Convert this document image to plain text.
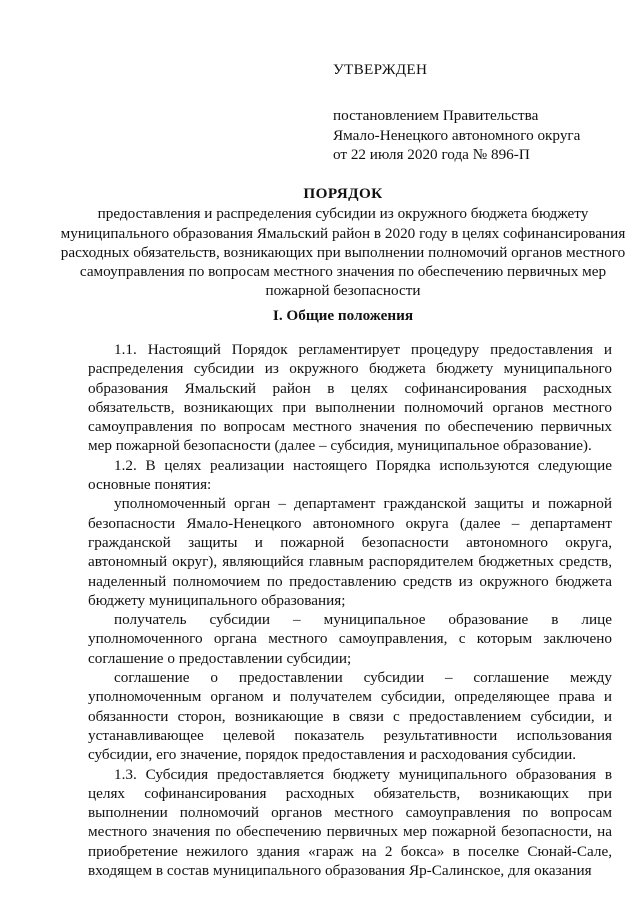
УТВЕРЖДЕН

постановлением Правительства

Ямало-Ненецкого автономного округа

от 22 июля 2020 года № 896-П

ПОРЯДОК

предоставления и распределения субсидии из окружного бюджета бюджету муниципального образования Ямальский район в 2020 году в целях софинансирования расходных обязательств, возникающих при выполнении полномочий органов местного самоуправления по вопросам местного значения по обеспечению первичных мер пожарной безопасности

I. Общие положения

1.1. Настоящий Порядок регламентирует процедуру предоставления и распределения субсидии из окружного бюджета бюджету муниципального образования Ямальский район в целях софинансирования расходных обязательств, возникающих при выполнении полномочий органов местного самоуправления по вопросам местного значения по обеспечению первичных мер пожарной безопасности (далее – субсидия, муниципальное образование).

1.2. В целях реализации настоящего Порядка используются следующие основные понятия:

уполномоченный орган – департамент гражданской защиты и пожарной безопасности Ямало-Ненецкого автономного округа (далее – департамент гражданской защиты и пожарной безопасности автономного округа, автономный округ), являющийся главным распорядителем бюджетных средств, наделенный полномочием по предоставлению средств из окружного бюджета бюджету муниципального образования;

получатель субсидии – муниципальное образование в лице уполномоченного органа местного самоуправления, с которым заключено соглашение о предоставлении субсидии;

соглашение о предоставлении субсидии – соглашение между уполномоченным органом и получателем субсидии, определяющее права и обязанности сторон, возникающие в связи с предоставлением субсидии, и устанавливающее целевой показатель результативности использования субсидии, его значение, порядок предоставления и расходования субсидии.

1.3. Субсидия предоставляется бюджету муниципального образования в целях софинансирования расходных обязательств, возникающих при выполнении полномочий органов местного самоуправления по вопросам местного значения по обеспечению первичных мер пожарной безопасности, на приобретение нежилого здания «гараж на 2 бокса» в поселке Сюнай-Сале, входящем в состав муниципального образования Яр-Салинское, для оказания
